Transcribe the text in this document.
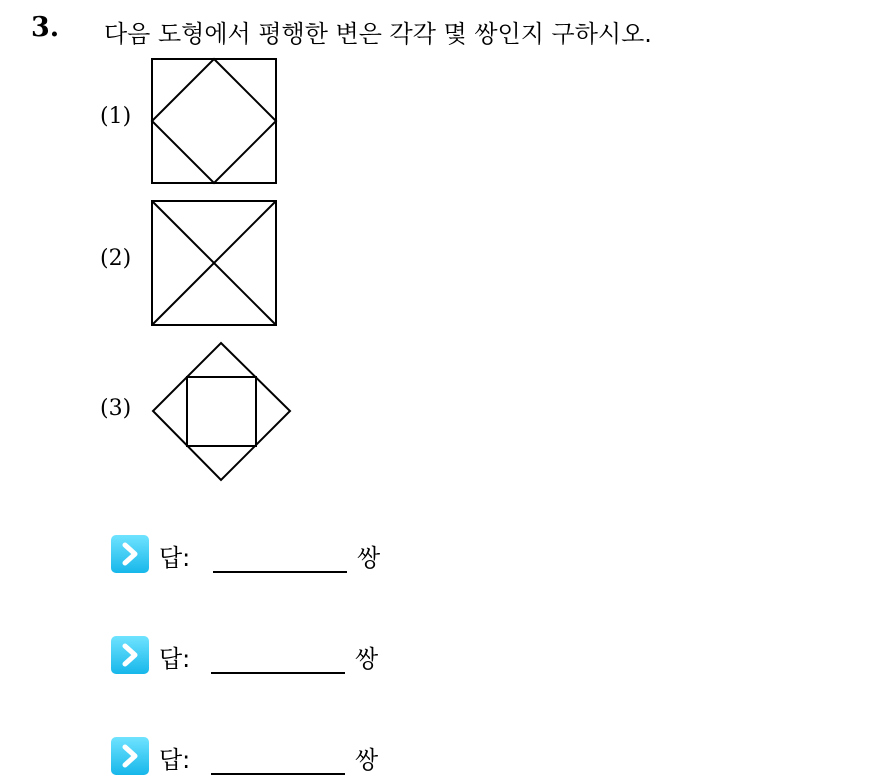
3. 다음 도형에서 평행한 변은 각각 몇 쌍인지 구하시오.
(1)
(2)
(3)
답:	쌍
답:	쌍
답:	쌍
